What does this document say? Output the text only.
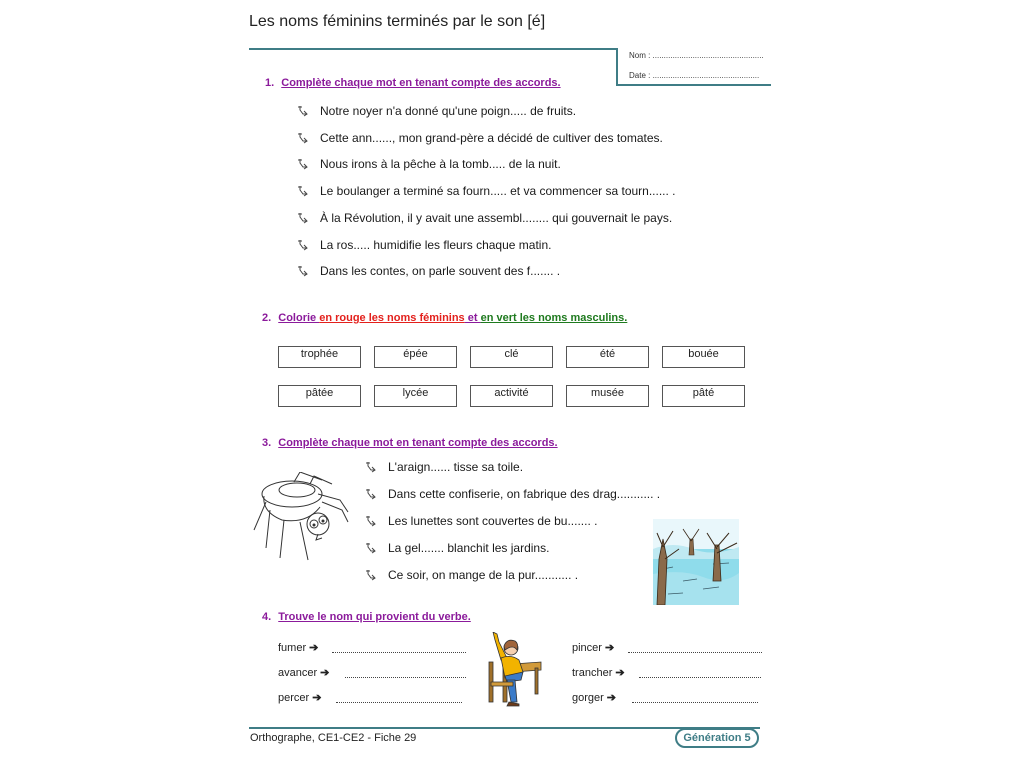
Les noms féminins terminés par le son [é]
Nom : ..................................................
Date : ................................................
1. Complète chaque mot en tenant compte des accords.
Notre noyer n'a donné qu'une poign..... de fruits.
Cette ann......, mon grand-père a décidé de cultiver des tomates.
Nous irons à la pêche à la tomb..... de la nuit.
Le boulanger a terminé sa fourn..... et va commencer sa tourn...... .
À la Révolution, il y avait une assembl........ qui gouvernait le pays.
La ros..... humidifie les fleurs chaque matin.
Dans les contes, on parle souvent des f....... .
2. Colorie en rouge les noms féminins et en vert les noms masculins.
trophée	épée	clé	été	bouée
pâtée	lycée	activité	musée	pâté
3. Complète chaque mot en tenant compte des accords.
L'araign...... tisse sa toile.
Dans cette confiserie, on fabrique des drag........... .
Les lunettes sont couvertes de bu....... .
La gel....... blanchit les jardins.
Ce soir, on mange de la pur........... .
4. Trouve le nom qui provient du verbe.
fumer ➔
avancer ➔
percer ➔
pincer ➔
trancher ➔
gorger ➔
Orthographe, CE1-CE2 - Fiche 29	Génération 5
